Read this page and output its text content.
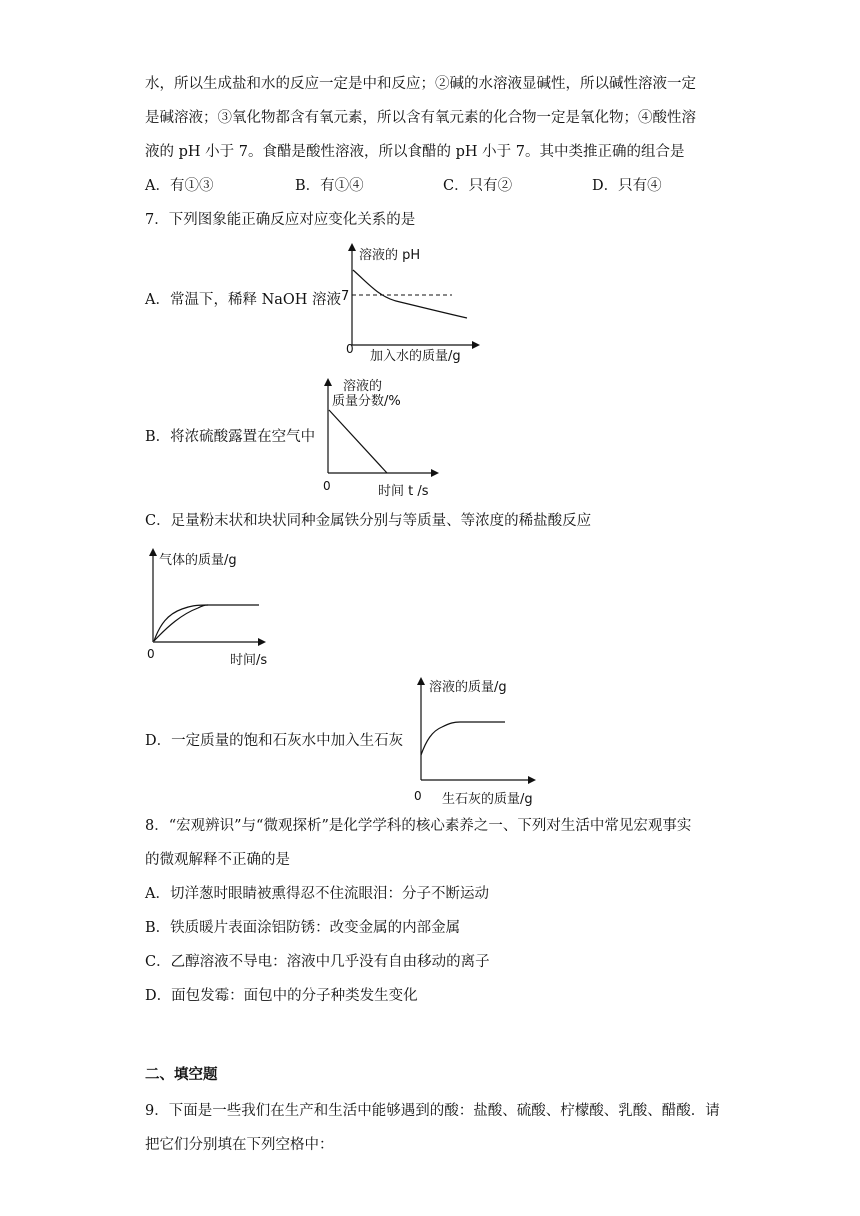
水，所以生成盐和水的反应一定是中和反应；②碱的水溶液显碱性，所以碱性溶液一定
是碱溶液；③氧化物都含有氧元素，所以含有氧元素的化合物一定是氧化物；④酸性溶
液的 pH 小于 7。食醋是酸性溶液，所以食醋的 pH 小于 7。其中类推正确的组合是
A．有①③	B．有①④	C．只有②	D．只有④
7．下列图象能正确反应对应变化关系的是
A．常温下，稀释 NaOH 溶液
溶液的 pH
7
0 加入水的质量/g
B．将浓硫酸露置在空气中
溶液的
质量分数/%
0	时间 t /s
C．足量粉末状和块状同种金属铁分别与等质量、等浓度的稀盐酸反应
气体的质量/g
0	时间/s
D．一定质量的饱和石灰水中加入生石灰
溶液的质量/g
0 生石灰的质量/g
8．“宏观辨识”与“微观探析”是化学学科的核心素养之一、下列对生活中常见宏观事实
的微观解释不正确的是
A．切洋葱时眼睛被熏得忍不住流眼泪：分子不断运动
B．铁质暖片表面涂铝防锈：改变金属的内部金属
C．乙醇溶液不导电：溶液中几乎没有自由移动的离子
D．面包发霉：面包中的分子种类发生变化
二、填空题
9．下面是一些我们在生产和生活中能够遇到的酸：盐酸、硫酸、柠檬酸、乳酸、醋酸．请
把它们分别填在下列空格中：
